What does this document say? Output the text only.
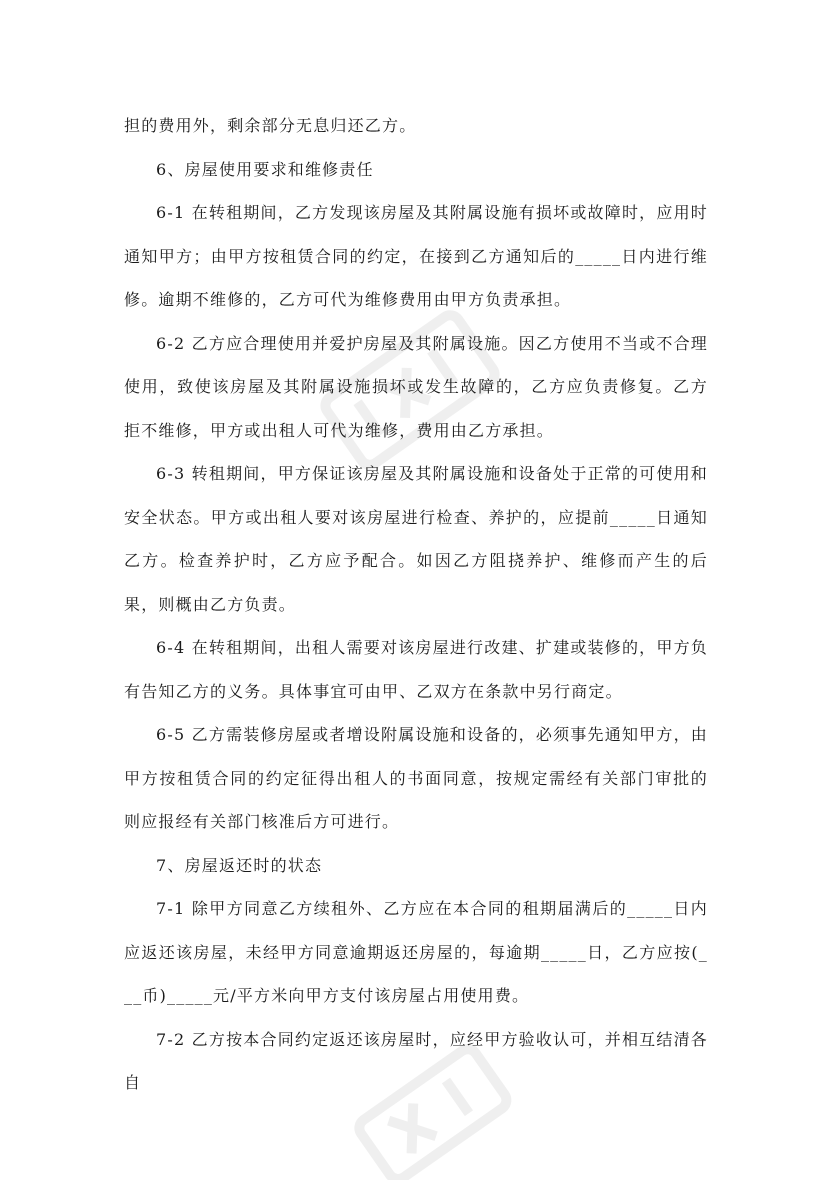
担的费用外，剩余部分无息归还乙方。

6、房屋使用要求和维修责任

6-1 在转租期间，乙方发现该房屋及其附属设施有损坏或故障时，应用时通知甲方；由甲方按租赁合同的约定，在接到乙方通知后的_____日内进行维修。逾期不维修的，乙方可代为维修费用由甲方负责承担。

6-2 乙方应合理使用并爱护房屋及其附属设施。因乙方使用不当或不合理使用，致使该房屋及其附属设施损坏或发生故障的，乙方应负责修复。乙方拒不维修，甲方或出租人可代为维修，费用由乙方承担。

6-3 转租期间，甲方保证该房屋及其附属设施和设备处于正常的可使用和安全状态。甲方或出租人要对该房屋进行检查、养护的，应提前_____日通知乙方。检查养护时，乙方应予配合。如因乙方阻挠养护、维修而产生的后果，则概由乙方负责。

6-4 在转租期间，出租人需要对该房屋进行改建、扩建或装修的，甲方负有告知乙方的义务。具体事宜可由甲、乙双方在条款中另行商定。

6-5 乙方需装修房屋或者增设附属设施和设备的，必须事先通知甲方，由甲方按租赁合同的约定征得出租人的书面同意，按规定需经有关部门审批的则应报经有关部门核准后方可进行。

7、房屋返还时的状态

7-1 除甲方同意乙方续租外、乙方应在本合同的租期届满后的_____日内应返还该房屋，未经甲方同意逾期返还房屋的，每逾期_____日，乙方应按(___币)_____元/平方米向甲方支付该房屋占用使用费。

7-2 乙方按本合同约定返还该房屋时，应经甲方验收认可，并相互结清各自
